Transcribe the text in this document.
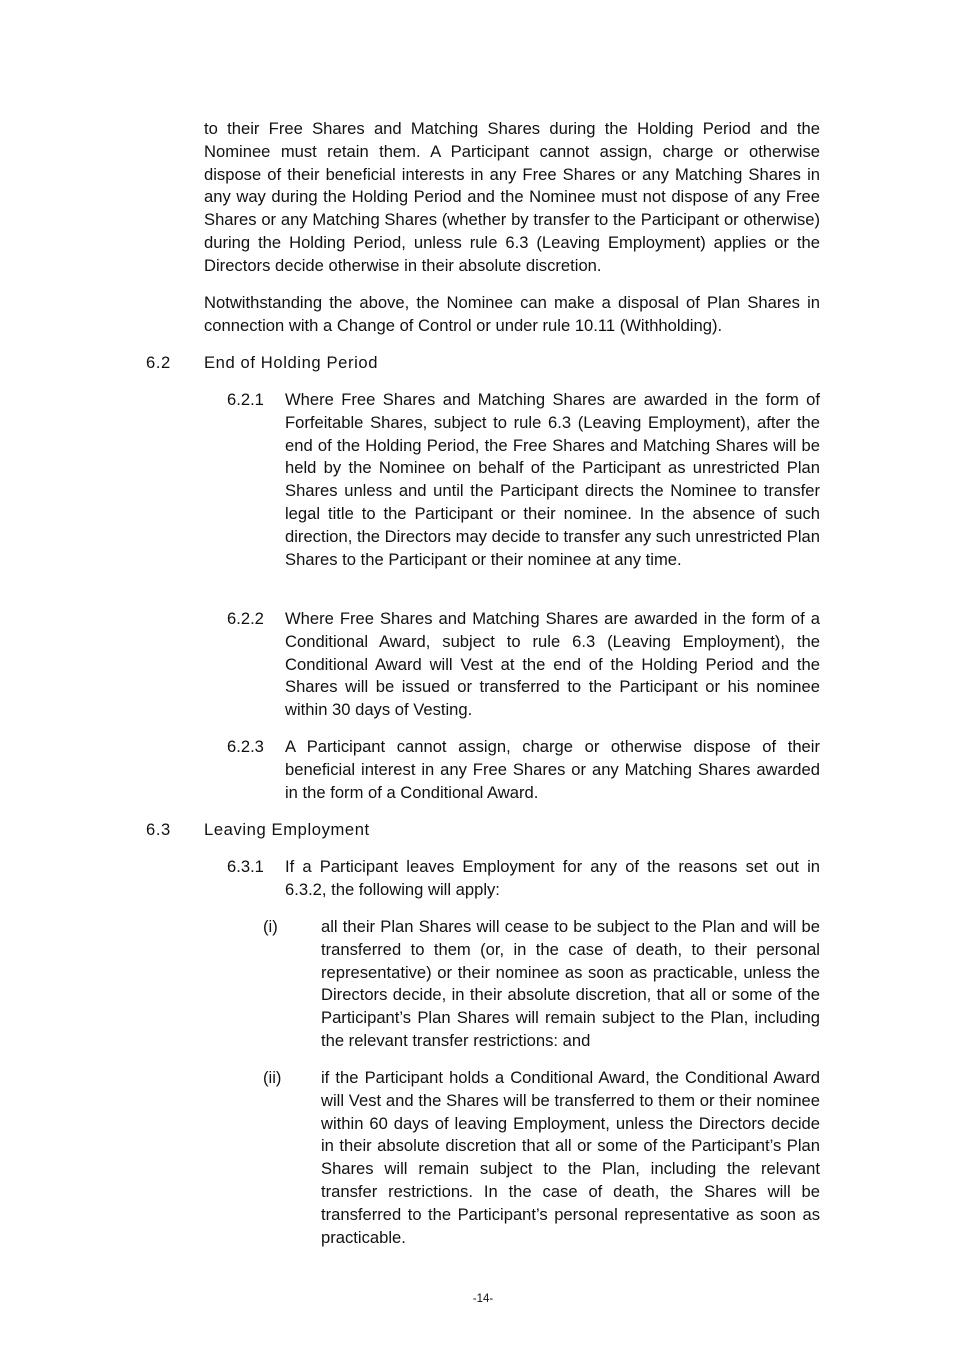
to their Free Shares and Matching Shares during the Holding Period and the Nominee must retain them. A Participant cannot assign, charge or otherwise dispose of their beneficial interests in any Free Shares or any Matching Shares in any way during the Holding Period and the Nominee must not dispose of any Free Shares or any Matching Shares (whether by transfer to the Participant or otherwise) during the Holding Period, unless rule 6.3 (Leaving Employment) applies or the Directors decide otherwise in their absolute discretion.

Notwithstanding the above, the Nominee can make a disposal of Plan Shares in connection with a Change of Control or under rule 10.11 (Withholding).

6.2 End of Holding Period

6.2.1 Where Free Shares and Matching Shares are awarded in the form of Forfeitable Shares, subject to rule 6.3 (Leaving Employment), after the end of the Holding Period, the Free Shares and Matching Shares will be held by the Nominee on behalf of the Participant as unrestricted Plan Shares unless and until the Participant directs the Nominee to transfer legal title to the Participant or their nominee. In the absence of such direction, the Directors may decide to transfer any such unrestricted Plan Shares to the Participant or their nominee at any time.

6.2.2 Where Free Shares and Matching Shares are awarded in the form of a Conditional Award, subject to rule 6.3 (Leaving Employment), the Conditional Award will Vest at the end of the Holding Period and the Shares will be issued or transferred to the Participant or his nominee within 30 days of Vesting.

6.2.3 A Participant cannot assign, charge or otherwise dispose of their beneficial interest in any Free Shares or any Matching Shares awarded in the form of a Conditional Award.

6.3 Leaving Employment

6.3.1 If a Participant leaves Employment for any of the reasons set out in 6.3.2, the following will apply:

(i)	all their Plan Shares will cease to be subject to the Plan and will be transferred to them (or, in the case of death, to their personal representative) or their nominee as soon as practicable, unless the Directors decide, in their absolute discretion, that all or some of the Participant’s Plan Shares will remain subject to the Plan, including the relevant transfer restrictions: and

(ii) if the Participant holds a Conditional Award, the Conditional Award will Vest and the Shares will be transferred to them or their nominee within 60 days of leaving Employment, unless the Directors decide in their absolute discretion that all or some of the Participant’s Plan Shares will remain subject to the Plan, including the relevant transfer restrictions. In the case of death, the Shares will be transferred to the Participant’s personal representative as soon as practicable.

-14-
